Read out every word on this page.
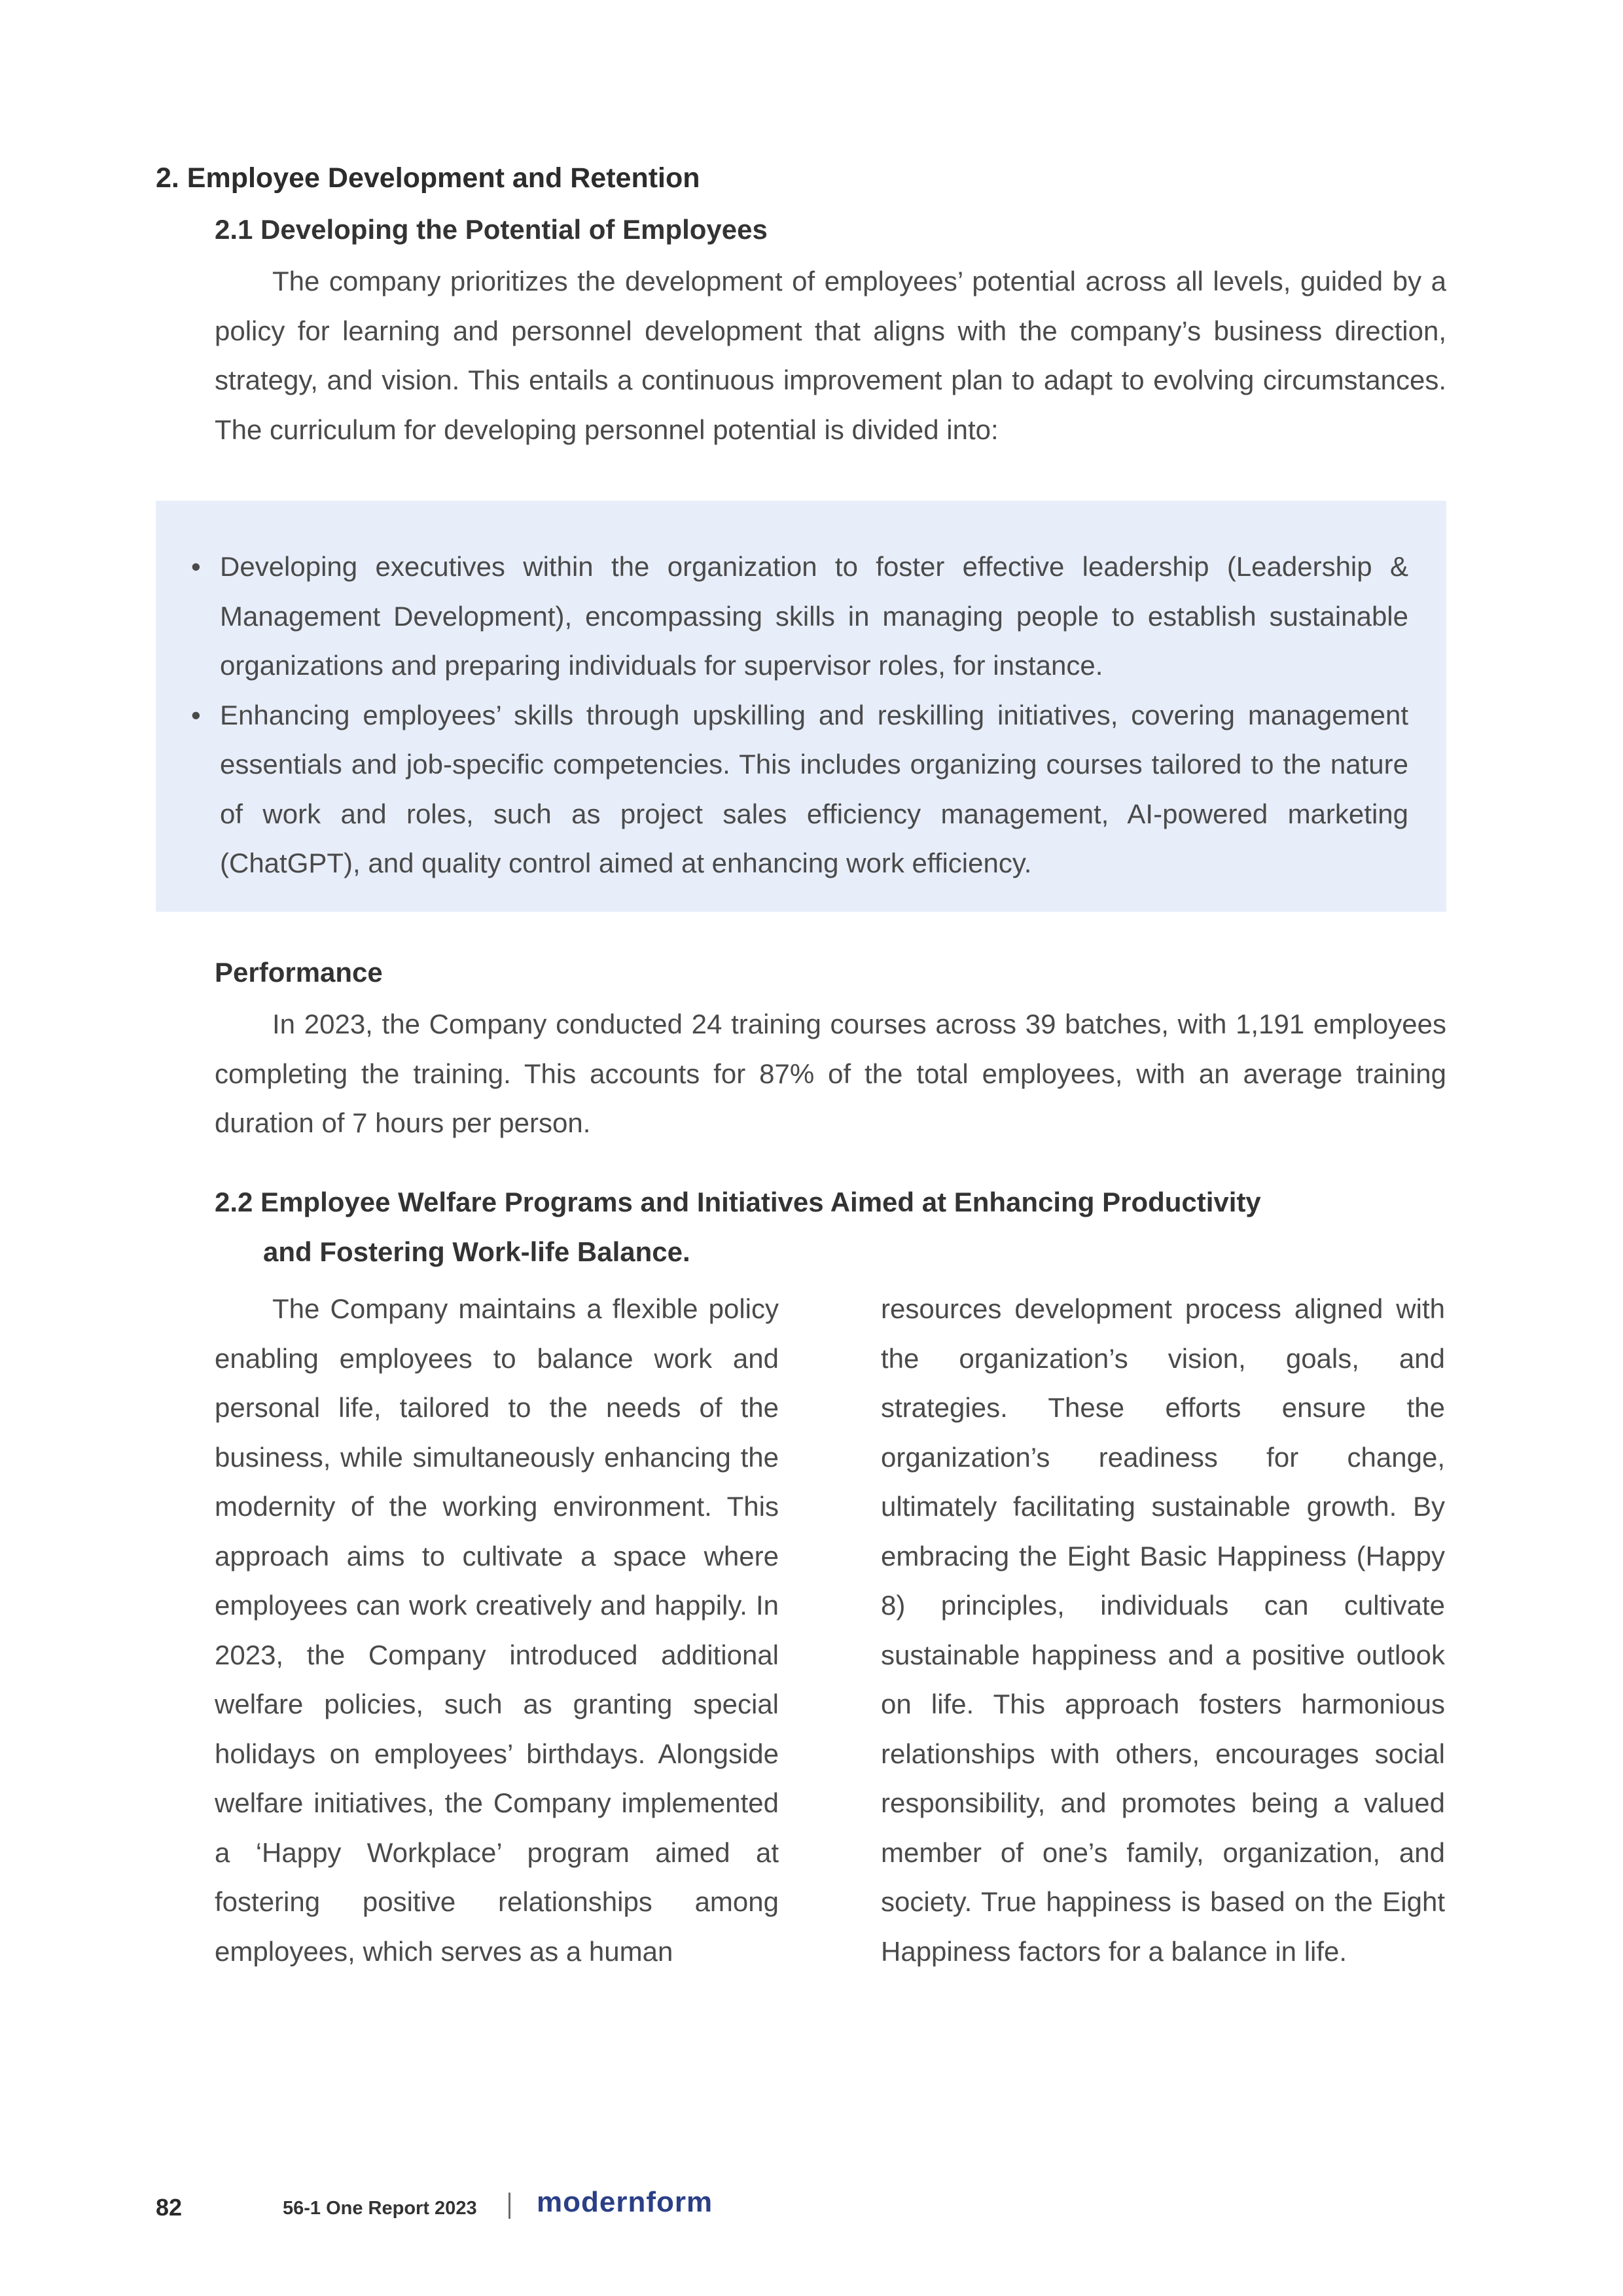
2. Employee Development and Retention
2.1 Developing the Potential of Employees

The company prioritizes the development of employees’ potential across all levels, guided by a policy for learning and personnel development that aligns with the company’s business direction, strategy, and vision. This entails a continuous improvement plan to adapt to evolving circumstances. The curriculum for developing personnel potential is divided into:

• Developing executives within the organization to foster effective leadership (Leadership & Management Development), encompassing skills in managing people to establish sustainable organizations and preparing individuals for supervisor roles, for instance.
• Enhancing employees’ skills through upskilling and reskilling initiatives, covering management essentials and job-specific competencies. This includes organizing courses tailored to the nature of work and roles, such as project sales efficiency management, AI-powered marketing (ChatGPT), and quality control aimed at enhancing work efficiency.
Performance

In 2023, the Company conducted 24 training courses across 39 batches, with 1,191 employees completing the training. This accounts for 87% of the total employees, with an average training duration of 7 hours per person.

2.2 Employee Welfare Programs and Initiatives Aimed at Enhancing Productivity
and Fostering Work-life Balance.

The Company maintains a flexible policy enabling employees to balance work and personal life, tailored to the needs of the business, while simultaneously enhancing the modernity of the working environment. This approach aims to cultivate a space where employees can work creatively and happily. In 2023, the Company introduced additional welfare policies, such as granting special holidays on employees’ birthdays. Alongside welfare initiatives, the Company implemented a ‘Happy Workplace’ program aimed at fostering positive relationships among employees, which serves as a human

resources development process aligned with the organization’s vision, goals, and strategies. These efforts ensure the organization’s readiness for change, ultimately facilitating sustainable growth. By embracing the Eight Basic Happiness (Happy 8) principles, individuals can cultivate sustainable happiness and a positive outlook on life. This approach fosters harmonious relationships with others, encourages social responsibility, and promotes being a valued member of one’s family, organization, and society. True happiness is based on the Eight Happiness factors for a balance in life.

82	56-1 One Report 2023 modernform
